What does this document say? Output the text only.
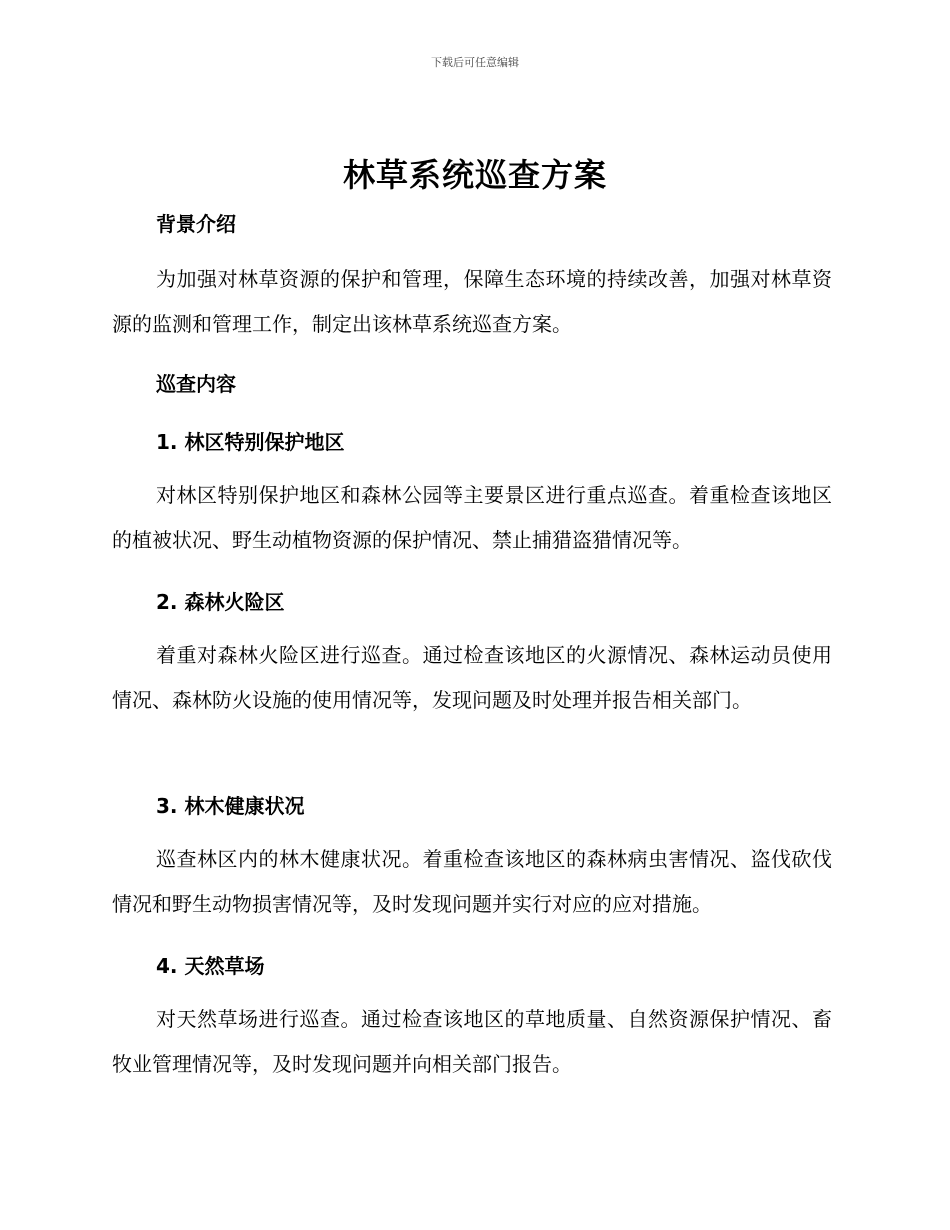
下载后可任意编辑
林草系统巡查方案

背景介绍

为加强对林草资源的保护和管理，保障生态环境的持续改善，加强对林草资源的监测和管理工作，制定出该林草系统巡查方案。

巡查内容

1. 林区特别保护地区

对林区特别保护地区和森林公园等主要景区进行重点巡查。着重检查该地区的植被状况、野生动植物资源的保护情况、禁止捕猎盗猎情况等。

2. 森林火险区

着重对森林火险区进行巡查。通过检查该地区的火源情况、森林运动员使用情况、森林防火设施的使用情况等，发现问题及时处理并报告相关部门。

3. 林木健康状况

巡查林区内的林木健康状况。着重检查该地区的森林病虫害情况、盗伐砍伐情况和野生动物损害情况等，及时发现问题并实行对应的应对措施。

4. 天然草场

对天然草场进行巡查。通过检查该地区的草地质量、自然资源保护情况、畜牧业管理情况等，及时发现问题并向相关部门报告。
